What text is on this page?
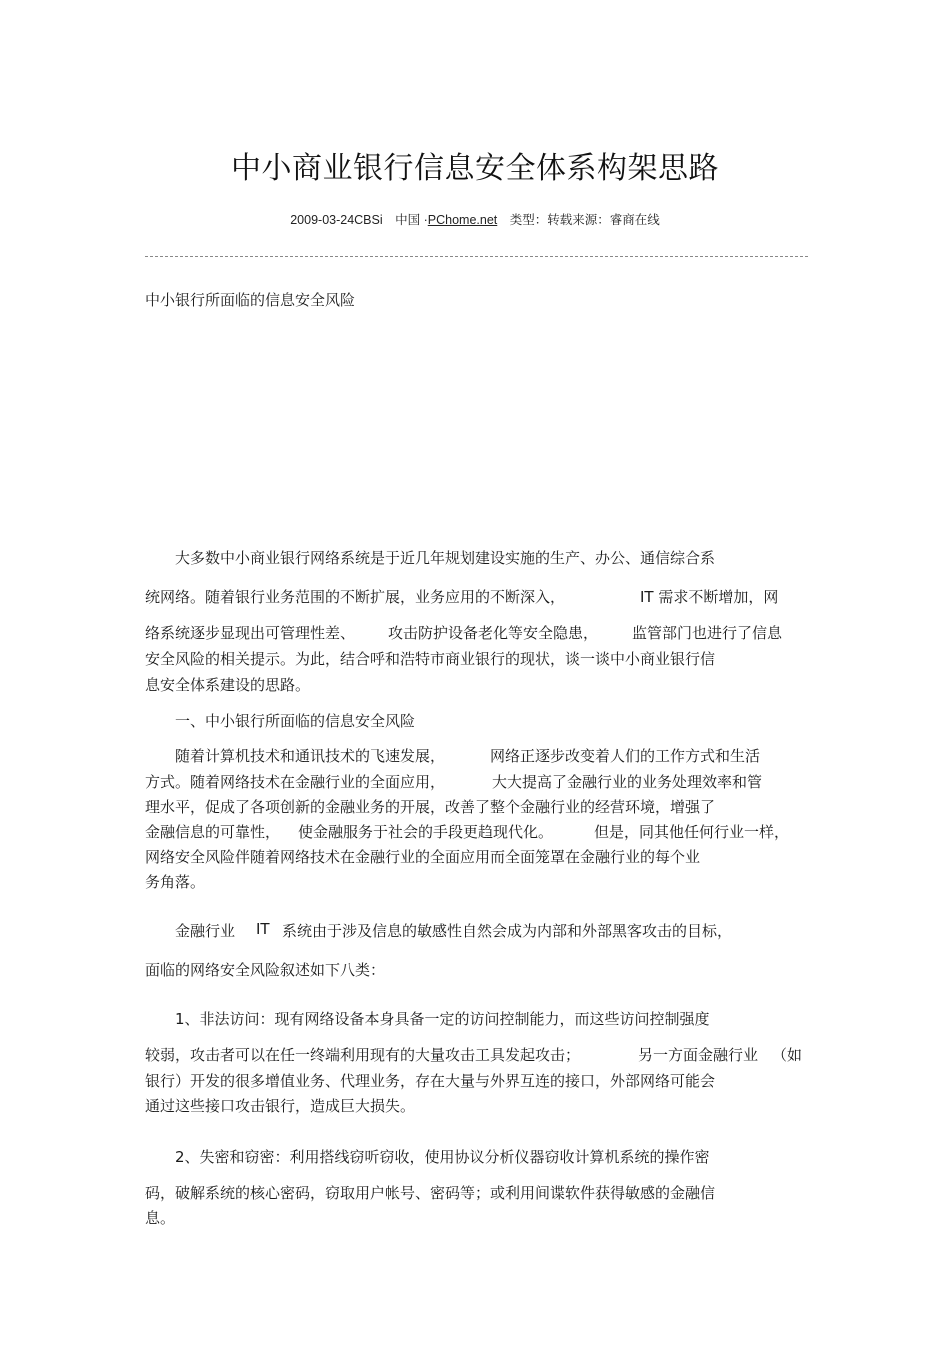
中小商业银行信息安全体系构架思路
2009-03-24CBSi　中国 ·PChome.net　类型：转载来源：睿商在线
中小银行所面临的信息安全风险
　　大多数中小商业银行网络系统是于近几年规划建设实施的生产、办公、通信综合系
统网络。随着银行业务范围的不断扩展，业务应用的不断深入，	IT 需求不断增加，网
络系统逐步显现出可管理性差、 攻击防护设备老化等安全隐患， 监管部门也进行了信息
安全风险的相关提示。为此，结合呼和浩特市商业银行的现状，谈一谈中小商业银行信
息安全体系建设的思路。
　　一、中小银行所面临的信息安全风险
　　随着计算机技术和通讯技术的飞速发展，	网络正逐步改变着人们的工作方式和生活
方式。随着网络技术在金融行业的全面应用，	大大提高了金融行业的业务处理效率和管
理水平，促成了各项创新的金融业务的开展，改善了整个金融行业的经营环境，增强了
金融信息的可靠性， 使金融服务于社会的手段更趋现代化。	但是，同其他任何行业一样，
网络安全风险伴随着网络技术在金融行业的全面应用而全面笼罩在金融行业的每个业
务角落。
　　金融行业 IT 系统由于涉及信息的敏感性自然会成为内部和外部黑客攻击的目标，
面临的网络安全风险叙述如下八类：
　　1、非法访问：现有网络设备本身具备一定的访问控制能力，而这些访问控制强度
较弱，攻击者可以在任一终端利用现有的大量攻击工具发起攻击；	另一方面金融行业 （如
银行）开发的很多增值业务、代理业务，存在大量与外界互连的接口，外部网络可能会
通过这些接口攻击银行，造成巨大损失。
　　2、失密和窃密：利用搭线窃听窃收，使用协议分析仪器窃收计算机系统的操作密
码，破解系统的核心密码，窃取用户帐号、密码等；或利用间谍软件获得敏感的金融信
息。
